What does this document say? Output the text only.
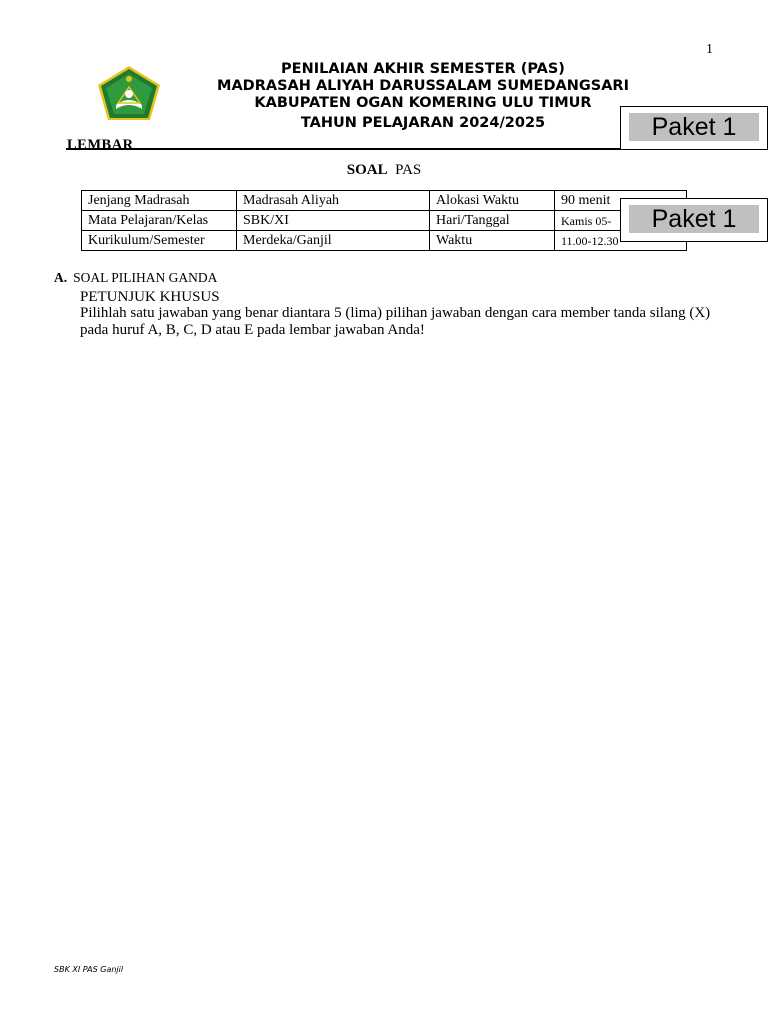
1
PENILAIAN AKHIR SEMESTER (PAS)
MADRASAH ALIYAH DARUSSALAM SUMEDANGSARI
KABUPATEN OGAN KOMERING ULU TIMUR
TAHUN PELAJARAN 2024/2025
LEMBAR
Paket 1
SOAL PAS
Jenjang Madrasah	Madrasah Aliyah	Alokasi Waktu	90 menit
Mata Pelajaran/Kelas	SBK/XI	Hari/Tanggal	Kamis 05-
Kurikulum/Semester	Merdeka/Ganjil	Waktu	11.00-12.30
Paket 1
A. SOAL PILIHAN GANDA
PETUNJUK KHUSUS
Pilihlah satu jawaban yang benar diantara 5 (lima) pilihan jawaban dengan cara member tanda silang (X) pada huruf A, B, C, D atau E pada lembar jawaban Anda!
SBK XI PAS Ganjil
